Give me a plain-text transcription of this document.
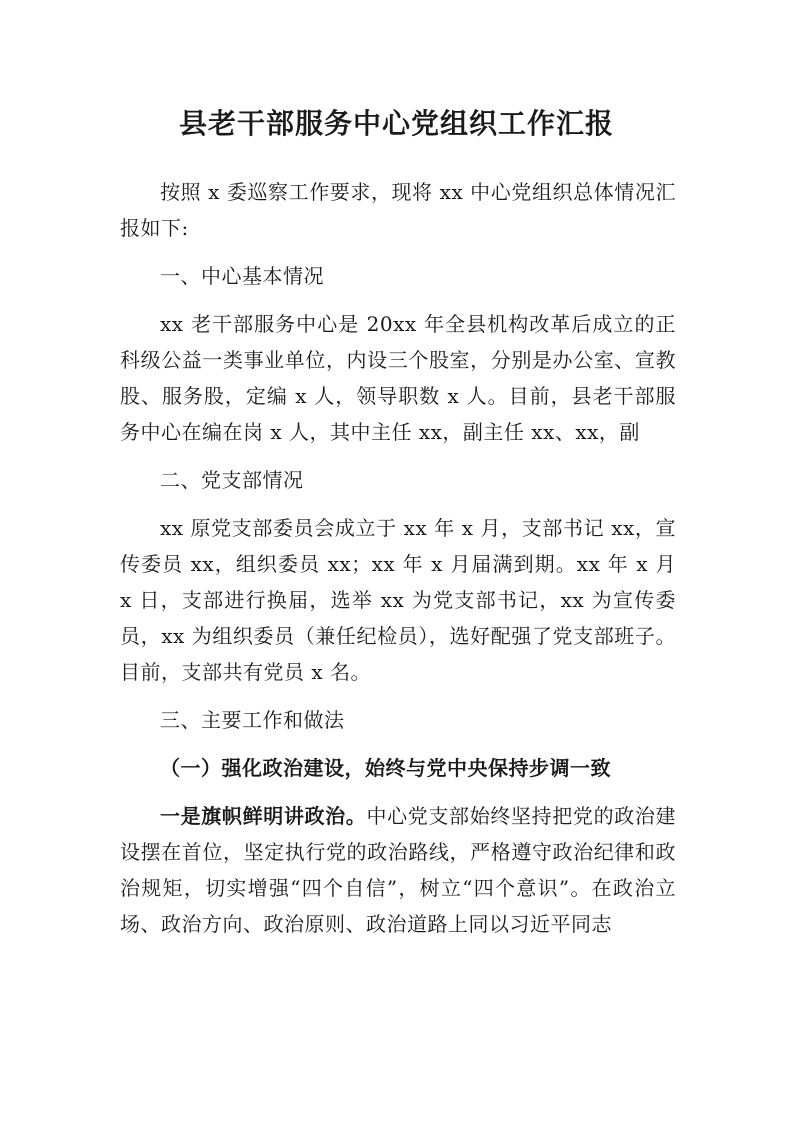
县老干部服务中心党组织工作汇报

按照 x 委巡察工作要求，现将 xx 中心党组织总体情况汇报如下:

一、中心基本情况

xx 老干部服务中心是 20xx 年全县机构改革后成立的正科级公益一类事业单位，内设三个股室，分别是办公室、宣教股、服务股，定编 x 人，领导职数 x 人。目前，县老干部服务中心在编在岗 x 人，其中主任 xx，副主任 xx、xx，副

二、党支部情况

xx 原党支部委员会成立于 xx 年 x 月，支部书记 xx，宣传委员 xx，组织委员 xx；xx 年 x 月届满到期。xx 年 x 月 x 日，支部进行换届，选举 xx 为党支部书记，xx 为宣传委员，xx 为组织委员（兼任纪检员），选好配强了党支部班子。目前，支部共有党员 x 名。

三、主要工作和做法

（一）强化政治建设，始终与党中央保持步调一致

一是旗帜鲜明讲政治。中心党支部始终坚持把党的政治建设摆在首位，坚定执行党的政治路线，严格遵守政治纪律和政治规矩，切实增强“四个自信”，树立“四个意识”。在政治立场、政治方向、政治原则、政治道路上同以习近平同志
